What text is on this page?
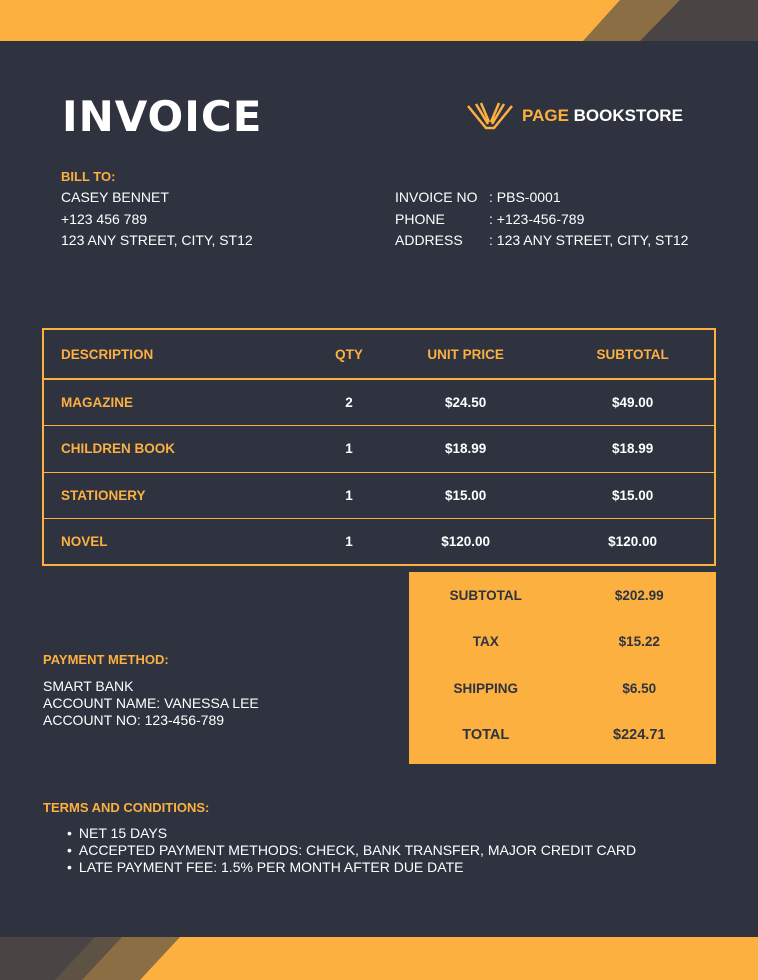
INVOICE	PAGE BOOKSTORE
BILL TO:
CASEY BENNET
+123 456 789
123 ANY STREET, CITY, ST12
INVOICE NO : PBS-0001
PHONE	: +123-456-789
ADDRESS : 123 ANY STREET, CITY, ST12
DESCRIPTION	QTY	UNIT PRICE	SUBTOTAL
MAGAZINE	2	$24.50	$49.00
CHILDREN BOOK	1	$18.99	$18.99
STATIONERY	1	$15.00	$15.00
NOVEL	1	$120.00	$120.00
SUBTOTAL	$202.99
TAX	$15.22
SHIPPING	$6.50
TOTAL	$224.71
PAYMENT METHOD:
SMART BANK
ACCOUNT NAME: VANESSA LEE
ACCOUNT NO: 123-456-789
TERMS AND CONDITIONS:
• NET 15 DAYS
• ACCEPTED PAYMENT METHODS: CHECK, BANK TRANSFER, MAJOR CREDIT CARD
• LATE PAYMENT FEE: 1.5% PER MONTH AFTER DUE DATE
